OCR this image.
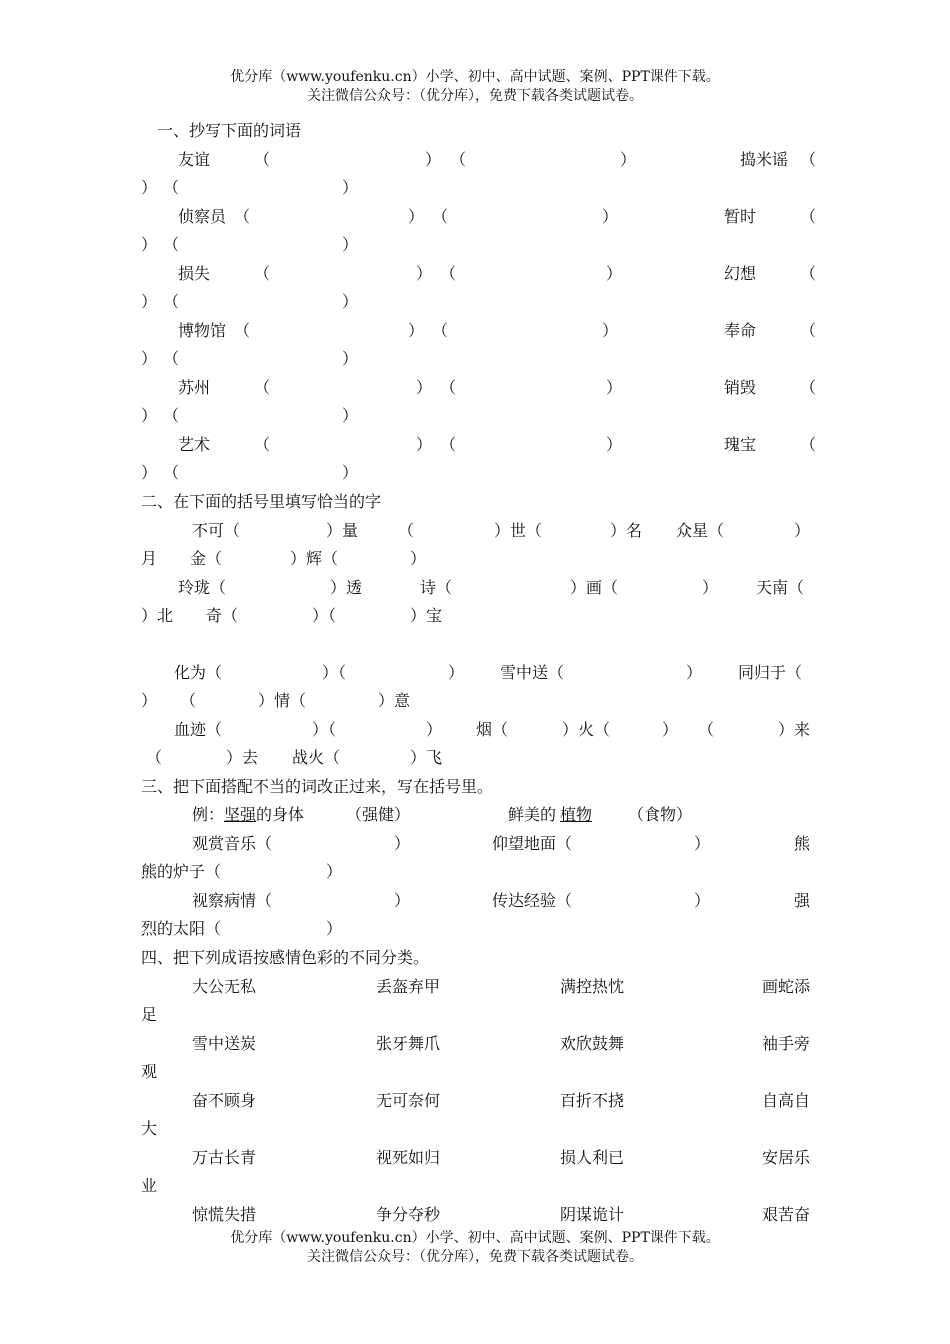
优分库（www.youfenku.cn）小学、初中、高中试题、案例、PPT课件下载。
关注微信公众号：（优分库），免费下载各类试题试卷。
一、抄写下面的词语
友谊	（	） （	）	捣米谣 （
） （	）
侦察员 （	） （	）	暂时	（
） （	）
损失	（	） （	）	幻想	（
） （	）
博物馆 （	） （	）	奉命	（
） （	）
苏州	（	） （	）	销毁	（
） （	）
艺术	（	） （	）	瑰宝	（
） （	）
二、在下面的括号里填写恰当的字
不可（	）量 （	）世（	）名 众星（	）
月 金（	）辉（	）
玲珑（	）透	诗（	）画（	） 天南（
）北 奇（	）（	）宝
化为（	）（	） 雪中送（	） 同归于（
） （	）情（	）意
血迹（	）（	） 烟（	）火（	） （	）来
（	）去 战火（	）飞
三、把下面搭配不当的词改正过来，写在括号里。
例： 坚强 的身体	（强健）	鲜美的 植物 （食物）
观赏音乐（	）	仰望地面（	）	熊
熊的炉子（	）
视察病情（	）	传达经验（	）	强
烈的太阳（	）
四、把下列成语按感情色彩的不同分类。
大公无私	丢盔弃甲	满控热忱	画蛇添
足
雪中送炭	张牙舞爪	欢欣鼓舞	袖手旁
观
奋不顾身	无可奈何	百折不挠	自高自
大
万古长青	视死如归	损人利已	安居乐
业
惊慌失措	争分夺秒	阴谋诡计	艰苦奋
优分库（www.youfenku.cn）小学、初中、高中试题、案例、PPT课件下载。
关注微信公众号：（优分库），免费下载各类试题试卷。
